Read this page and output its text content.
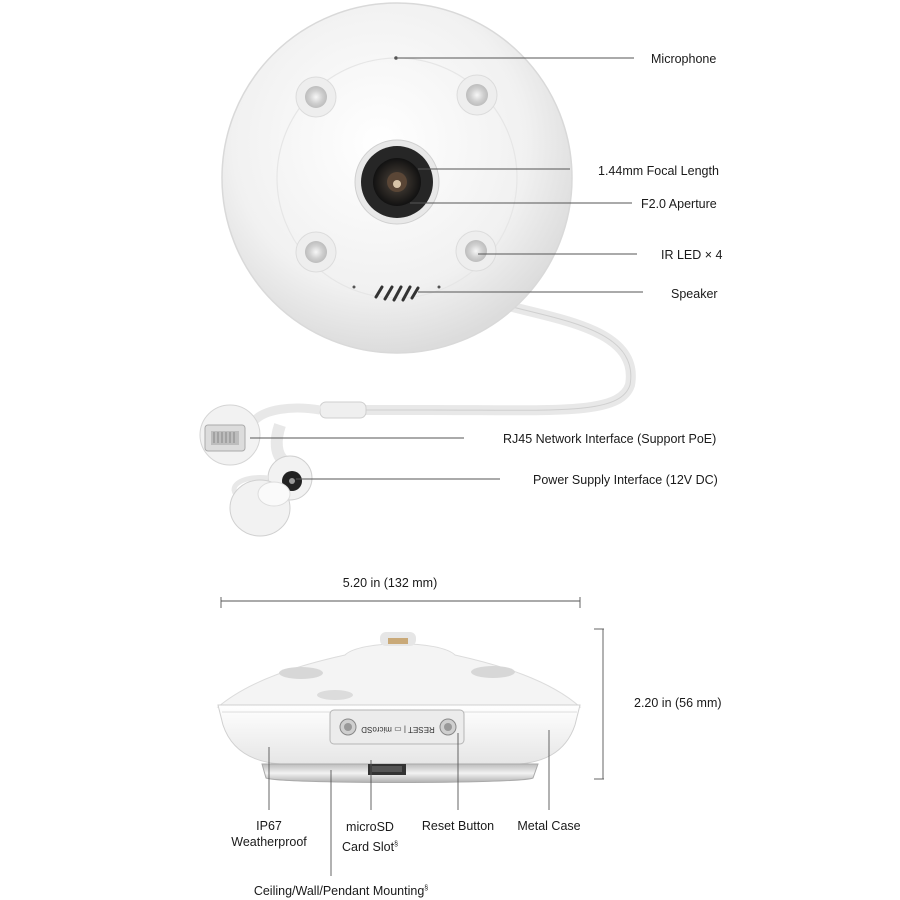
RESET | ▭ microSD
Microphone
1.44mm Focal Length
F2.0 Aperture
IR LED × 4
Speaker
RJ45 Network Interface (Support PoE)
Power Supply Interface (12V DC)
5.20 in (132 mm)
2.20 in (56 mm)
IP67
Weatherproof
microSD
Card Slot§
Reset Button Metal Case
Ceiling/Wall/Pendant Mounting§
